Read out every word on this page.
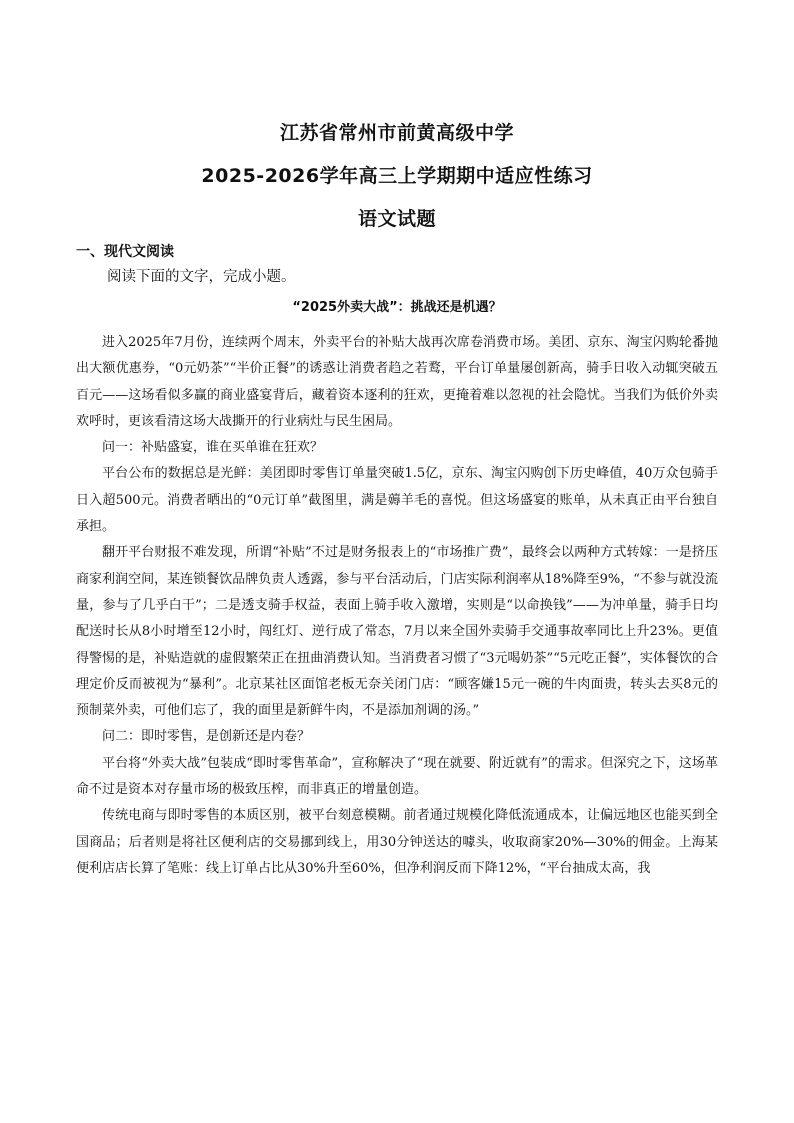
江苏省常州市前黄高级中学
2025-2026学年高三上学期期中适应性练习
语文试题
一、现代文阅读
阅读下面的文字，完成小题。
“2025外卖大战”：挑战还是机遇？

进入2025年7月份，连续两个周末，外卖平台的补贴大战再次席卷消费市场。美团、京东、淘宝闪购轮番抛出大额优惠券，“0元奶茶”“半价正餐”的诱惑让消费者趋之若鹜，平台订单量屡创新高，骑手日收入动辄突破五百元——这场看似多赢的商业盛宴背后，藏着资本逐利的狂欢，更掩着难以忽视的社会隐忧。当我们为低价外卖欢呼时，更该看清这场大战撕开的行业病灶与民生困局。

问一：补贴盛宴，谁在买单谁在狂欢？

平台公布的数据总是光鲜：美团即时零售订单量突破1.5亿，京东、淘宝闪购创下历史峰值，40万众包骑手日入超500元。消费者晒出的“0元订单”截图里，满是薅羊毛的喜悦。但这场盛宴的账单，从未真正由平台独自承担。

翻开平台财报不难发现，所谓“补贴”不过是财务报表上的“市场推广费”，最终会以两种方式转嫁：一是挤压商家利润空间，某连锁餐饮品牌负责人透露，参与平台活动后，门店实际利润率从18%降至9%，“不参与就没流量，参与了几乎白干”；二是透支骑手权益，表面上骑手收入激增，实则是“以命换钱”——为冲单量，骑手日均配送时长从8小时增至12小时，闯红灯、逆行成了常态，7月以来全国外卖骑手交通事故率同比上升23%。更值得警惕的是，补贴造就的虚假繁荣正在扭曲消费认知。当消费者习惯了“3元喝奶茶”“5元吃正餐”，实体餐饮的合理定价反而被视为“暴利”。北京某社区面馆老板无奈关闭门店：“顾客嫌15元一碗的牛肉面贵，转头去买8元的预制菜外卖，可他们忘了，我的面里是新鲜牛肉，不是添加剂调的汤。”

问二：即时零售，是创新还是内卷？

平台将“外卖大战”包装成“即时零售革命”，宣称解决了“现在就要、附近就有”的需求。但深究之下，这场革命不过是资本对存量市场的极致压榨，而非真正的增量创造。

传统电商与即时零售的本质区别，被平台刻意模糊。前者通过规模化降低流通成本，让偏远地区也能买到全国商品；后者则是将社区便利店的交易挪到线上，用30分钟送达的噱头，收取商家20%—30%的佣金。上海某便利店店长算了笔账：线上订单占比从30%升至60%，但净利润反而下降12%，“平台抽成太高，我
